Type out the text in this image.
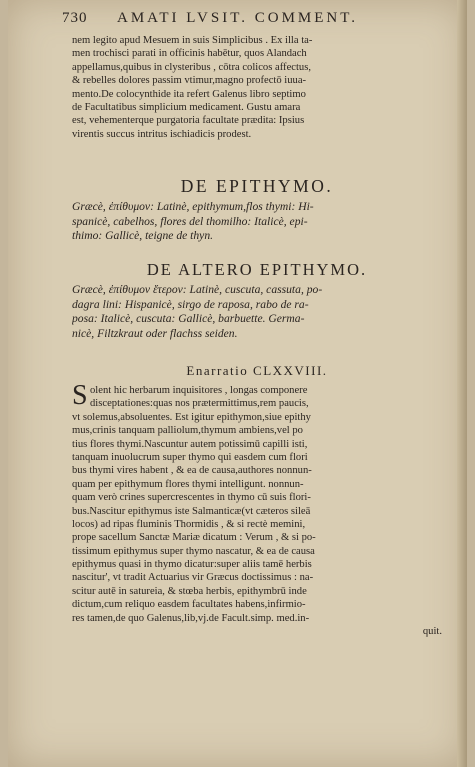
730 AMATI LVSIT. COMMENT.
nem legito apud Mesuem in suis Simplicibus . Ex illa ta-
men trochisci parati in officinis habētur, quos Alandach
appellamus,quibus in clysteribus , cōtra colicos affectus,
& rebelles dolores passim vtimur,magno profectō iuua-
mento.De colocynthide ita refert Galenus libro septimo
de Facultatibus simplicium medicament. Gustu amara
est, vehementerque purgatoria facultate prædita: Ipsius
virentis succus intritus ischiadicis prodest.
DE EPITHYMO.
Græcè, ἐπίθυμον: Latinè, epithymum,flos thymi: Hi-
spanicè, cabelhos, flores del thomilho: Italicè, epi-
thimo: Gallicè, teigne de thyn.
DE ALTERO EPITHYMO.
Græcè, ἐπίθυμον ἕτερον: Latinè, cuscuta, cassuta, po-
dagra lini: Hispanicè, sirgo de raposa, rabo de ra-
posa: Italicè, cuscuta: Gallicè, barbuette. Germa-
nicè, Filtzkraut oder flachss seiden.
Enarratio CLXXVIII.
S olent hic herbarum inquisitores , longas componere
disceptationes:quas nos prætermittimus,rem paucis,
vt solemus,absoluentes. Est igitur epithymon,siue epithy
mus,crinis tanquam palliolum,thymum ambiens,vel po
tius flores thymi.Nascuntur autem potissimū capilli isti,
tanquam inuolucrum super thymo qui easdem cum flori
bus thymi vires habent , & ea de causa,authores nonnun-
quam per epithymum flores thymi intelligunt. nonnun-
quam verò crines supercrescentes in thymo cū suis flori-
bus.Nascitur epithymus iste Salmanticæ(vt cæteros sileā
locos) ad ripas fluminis Thormidis , & si rectè memini,
prope sacellum Sanctæ Mariæ dicatum : Verum , & si po-
tissimum epithymus super thymo nascatur, & ea de causa
epithymus quasi in thymo dicatur:super aliis tamē herbis
nascitur', vt tradit Actuarius vir Græcus doctissimus : na-
scitur autē in satureia, & stœba herbis, epithymbrū inde
dictum,cum reliquo easdem facultates habens,infirmio-
res tamen,de quo Galenus,lib,vj.de Facult.simp. med.in-
quit.
